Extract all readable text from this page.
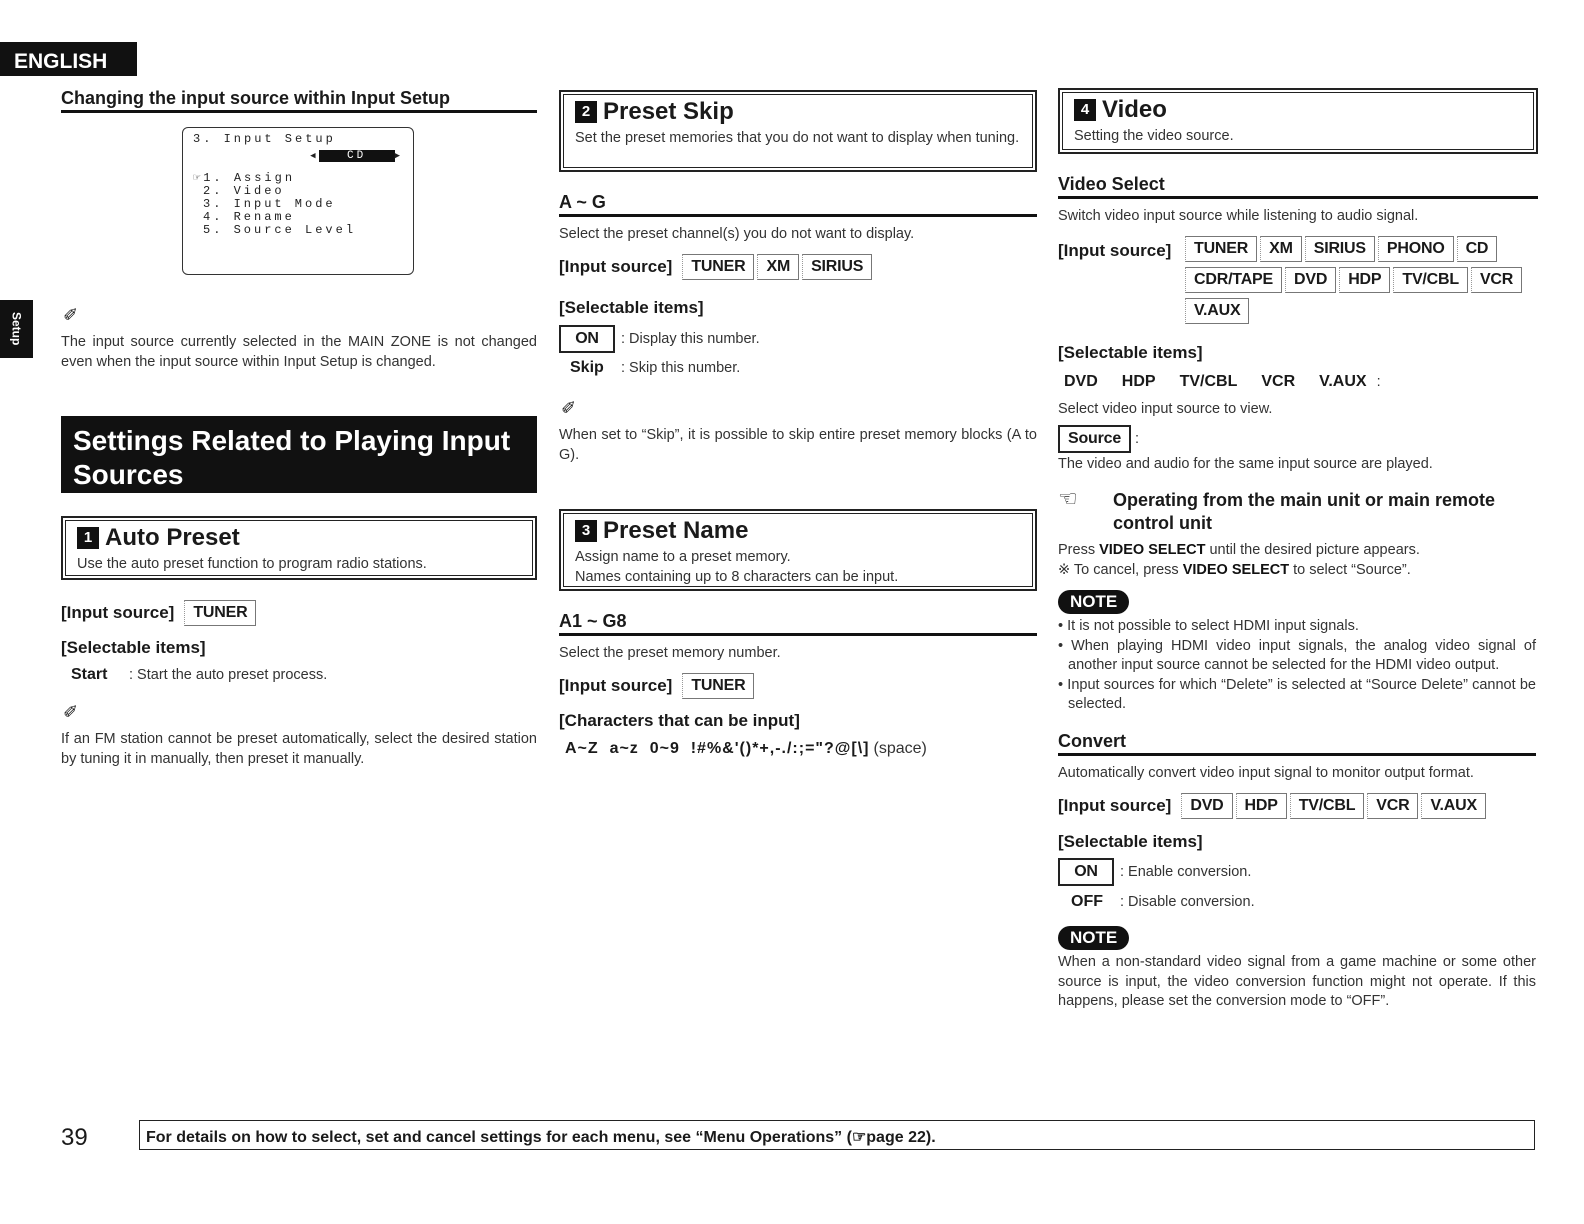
ENGLISH
Setup
Changing the input source within Input Setup
3. Input Setup
◀	CD	▶
☞1. Assign
2. Video
3. Input Mode
4. Rename
5. Source Level
✐
The input source currently selected in the MAIN ZONE is not changed even when the input source within Input Setup is changed.
Settings Related to Playing Input Sources
1 Auto Preset
Use the auto preset function to program radio stations.
[Input source]	TUNER
[Selectable items]
Start	: Start the auto preset process.
✐
If an FM station cannot be preset automatically, select the desired station by tuning it in manually, then preset it manually.
2 Preset Skip
Set the preset memories that you do not want to display when tuning.
A ~ G
Select the preset channel(s) you do not want to display.
[Input source]	TUNER	XM	SIRIUS
[Selectable items]
ON	: Display this number.
Skip	: Skip this number.
✐
When set to “Skip”, it is possible to skip entire preset memory blocks (A to G).
3 Preset Name
Assign name to a preset memory.
Names containing up to 8 characters can be input.
A1 ~ G8
Select the preset memory number.
[Input source]	TUNER
[Characters that can be input]
A~Z  a~z  0~9  !#%&'()*+,-./:;="?@[\] (space)
4 Video
Setting the video source.
Video Select
Switch video input source while listening to audio signal.
[Input source]	TUNER	XM	SIRIUS	PHONO	CD
CDR/TAPE	DVD	HDP	TV/CBL	VCR
V.AUX
[Selectable items]
DVD HDP TV/CBL VCR V.AUX :
Select video input source to view.
Source :
The video and audio for the same input source are played.
☜ Operating from the main unit or main remote control unit
Press VIDEO SELECT until the desired picture appears.
※ To cancel, press VIDEO SELECT to select “Source”.
NOTE
• It is not possible to select HDMI input signals.
• When playing HDMI video input signals, the analog video signal of another input source cannot be selected for the HDMI video output.
• Input sources for which “Delete” is selected at “Source Delete” cannot be selected.
Convert
Automatically convert video input signal to monitor output format.
[Input source]	DVD	HDP	TV/CBL	VCR	V.AUX
[Selectable items]
ON	: Enable conversion.
OFF	: Disable conversion.
NOTE
When a non-standard video signal from a game machine or some other source is input, the video conversion function might not operate. If this happens, please set the conversion mode to “OFF”.
39	For details on how to select, set and cancel settings for each menu, see “Menu Operations” (☞page 22).
